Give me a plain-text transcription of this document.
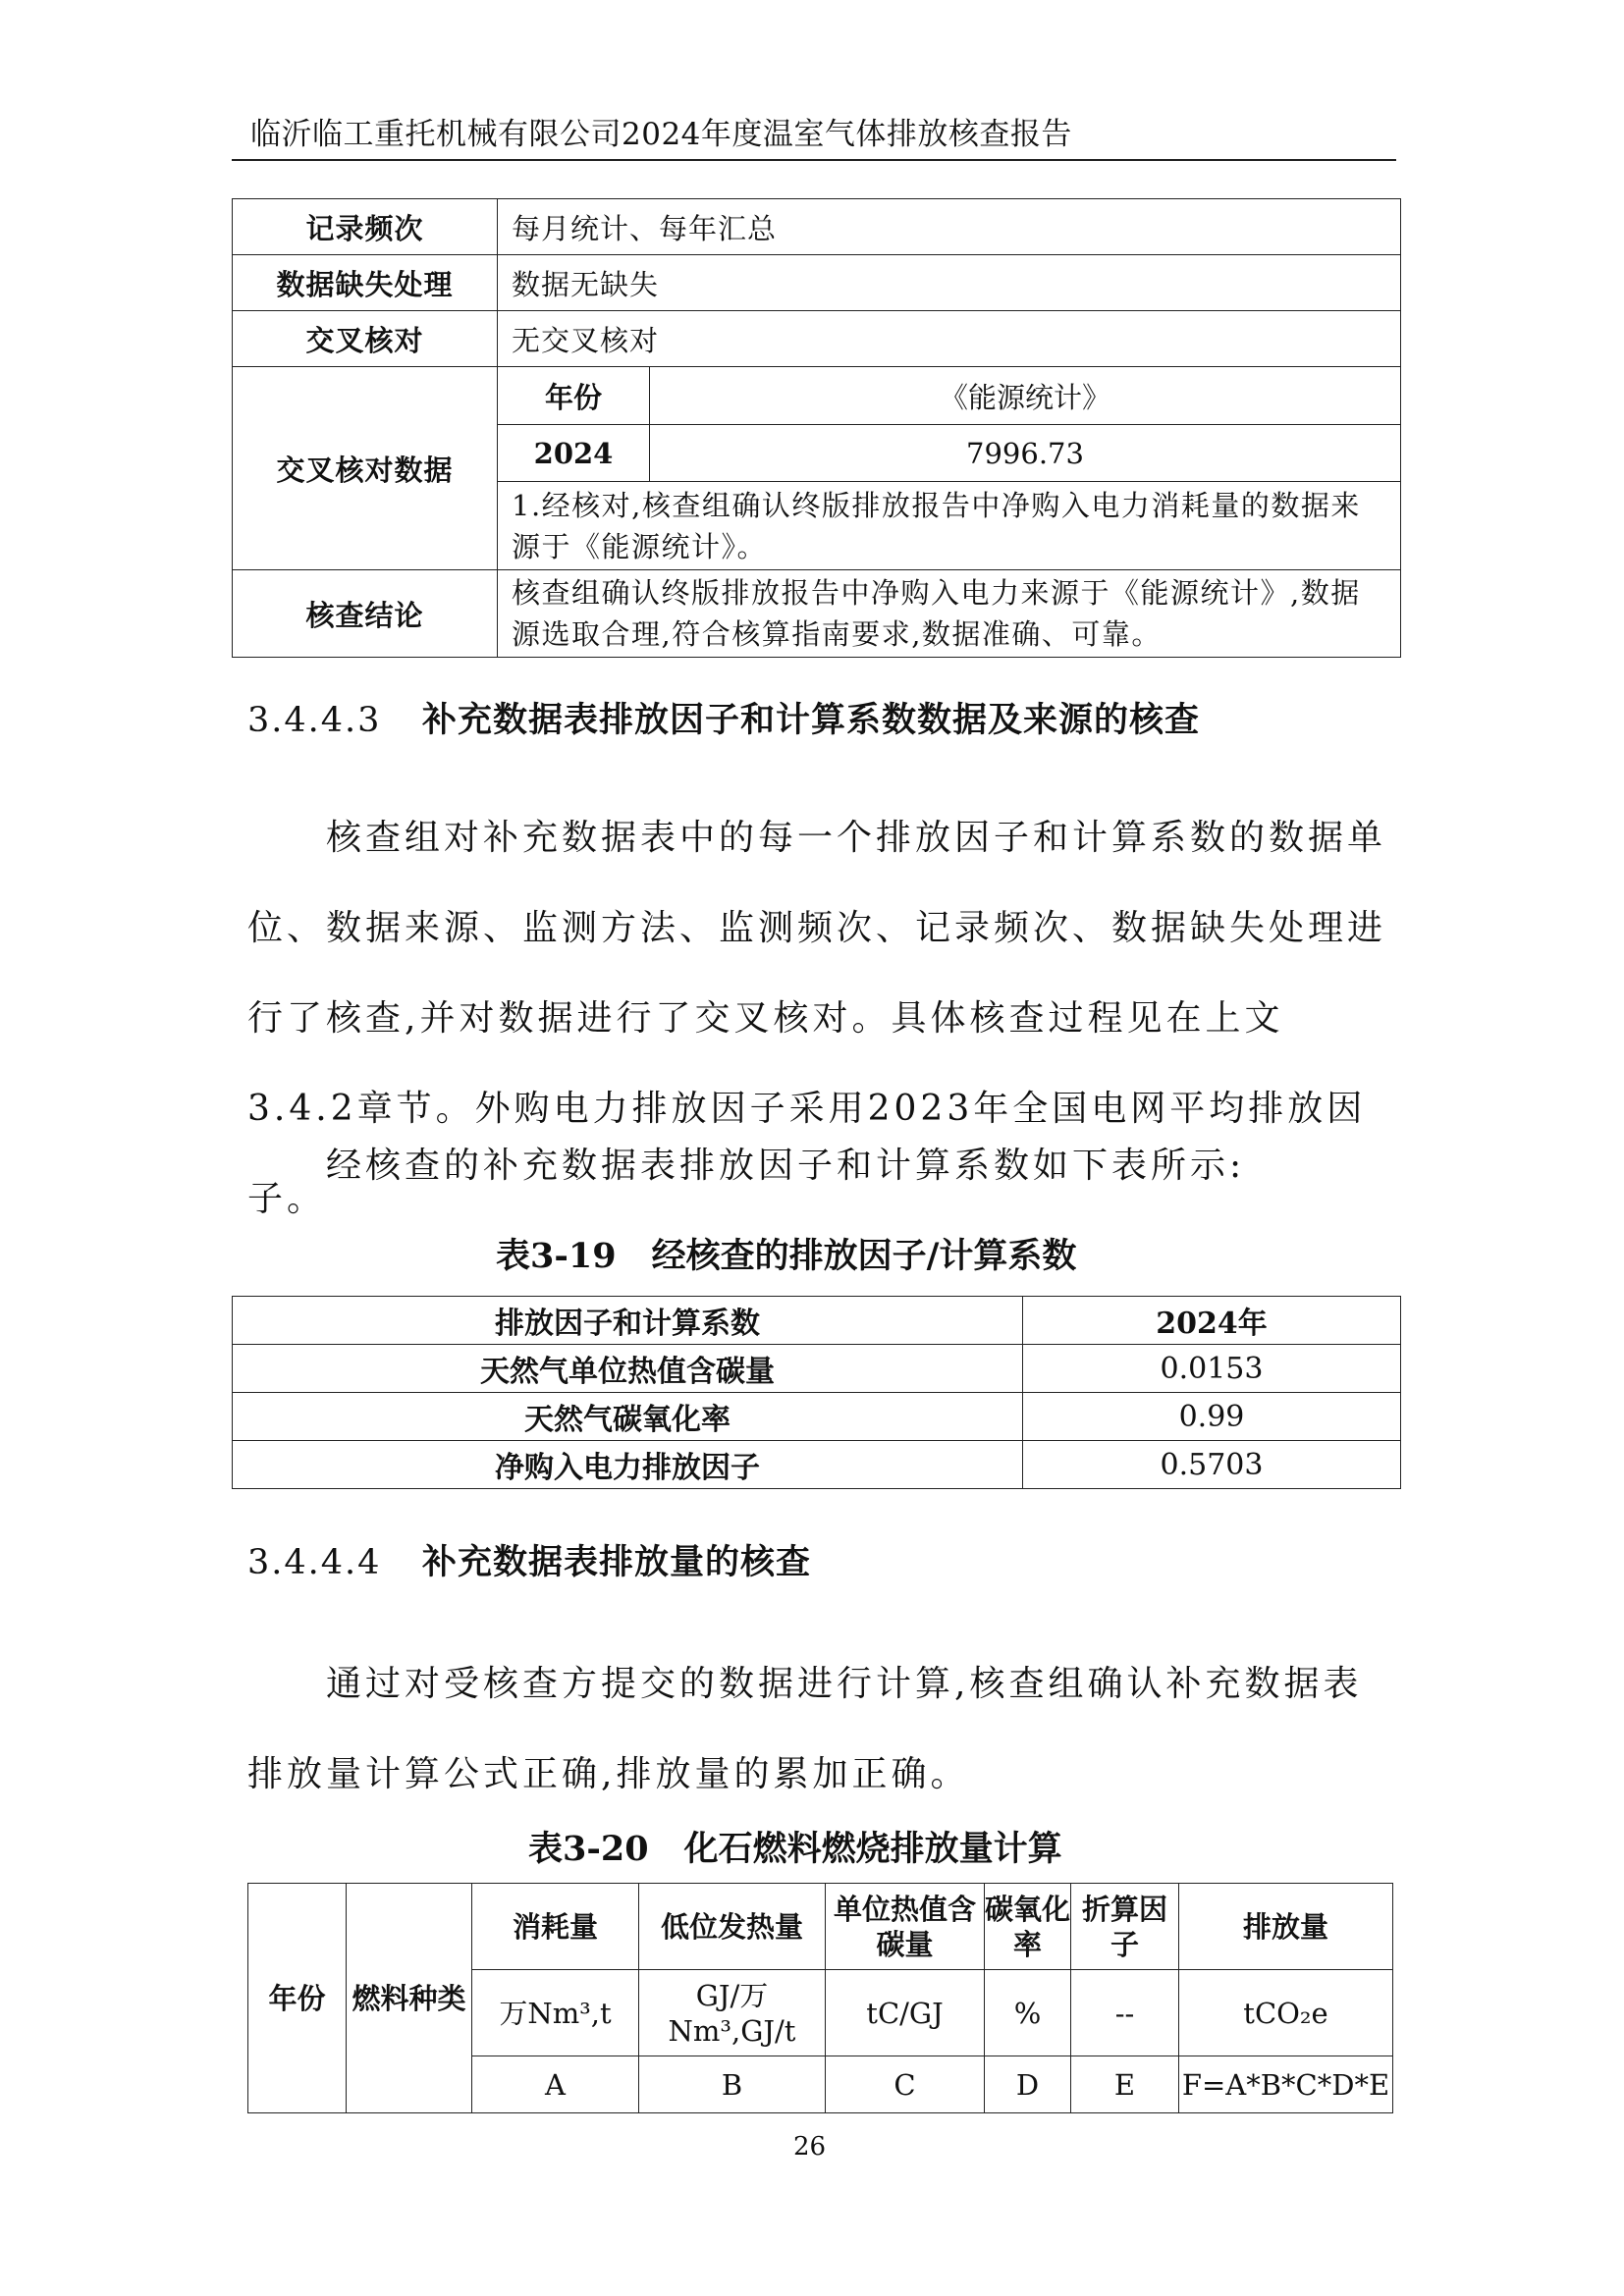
临沂临工重托机械有限公司2024年度温室气体排放核查报告
记录频次	每月统计、每年汇总	
数据缺失处理	数据无缺失	
交叉核对	无交叉核对	
交叉核对数据	年份	《能源统计》
	2024	7996.73
	1.经核对,核查组确认终版排放报告中净购入电力消耗量的数据来源于《能源统计》。	
核查结论	核查组确认终版排放报告中净购入电力来源于《能源统计》,数据源选取合理,符合核算指南要求,数据准确、可靠。	
3.4.4.3 补充数据表排放因子和计算系数数据及来源的核查

核查组对补充数据表中的每一个排放因子和计算系数的数据单位、数据来源、监测方法、监测频次、记录频次、数据缺失处理进行了核查,并对数据进行了交叉核对。具体核查过程见在上文3.4.2章节。外购电力排放因子采用2023年全国电网平均排放因子。

经核查的补充数据表排放因子和计算系数如下表所示:

表3-19 经核查的排放因子/计算系数
排放因子和计算系数	2024年
天然气单位热值含碳量	0.0153
天然气碳氧化率	0.99
净购入电力排放因子	0.5703
3.4.4.4 补充数据表排放量的核查

通过对受核查方提交的数据进行计算,核查组确认补充数据表排放量计算公式正确,排放量的累加正确。

表3-20 化石燃料燃烧排放量计算
年份	燃料种类	消耗量	低位发热量	单位热值含碳量	碳氧化率	折算因子	排放量
		万Nm³,t	GJ/万Nm³,GJ/t	tC/GJ	%	--	tCO₂e
		A	B	C	D	E	F=A*B*C*D*E
26
